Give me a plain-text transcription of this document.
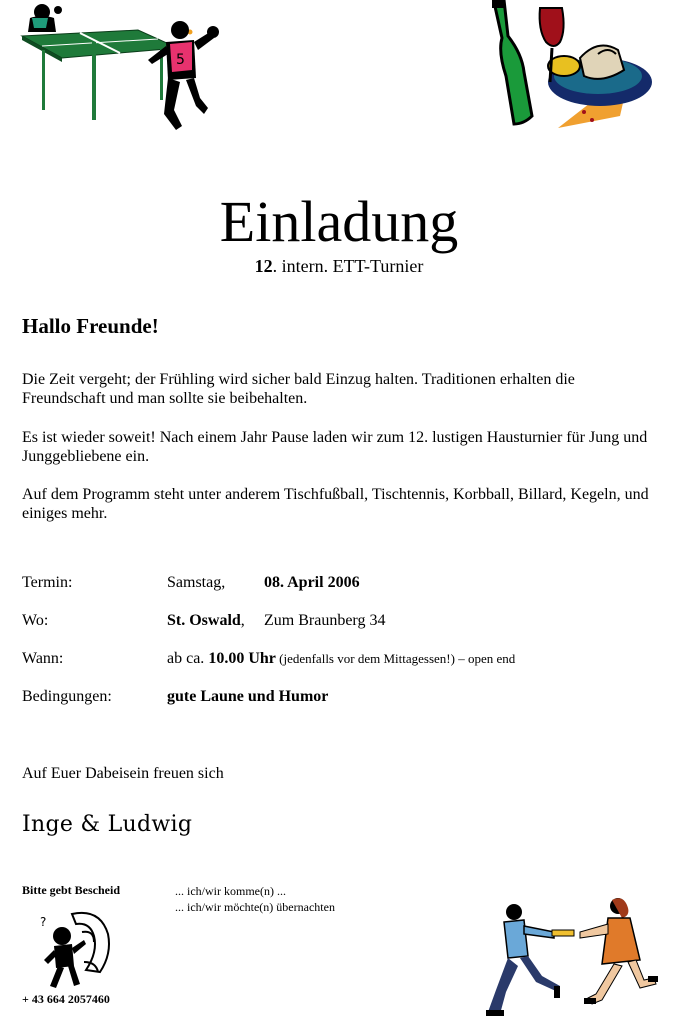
5
Einladung
12. intern. ETT-Turnier
Hallo Freunde!
Die Zeit vergeht; der Frühling wird sicher bald Einzug halten. Traditionen erhalten die Freundschaft und man sollte sie beibehalten.
Es ist wieder soweit! Nach einem Jahr Pause laden wir zum 12. lustigen Hausturnier für Jung und Junggebliebene ein.
Auf dem Programm steht unter anderem Tischfußball, Tischtennis, Korbball, Billard, Kegeln, und einiges mehr.
Termin:	Samstag, 08. April 2006
Wo:	St. Oswald, Zum Braunberg 34
Wann:	ab ca. 10.00 Uhr (jedenfalls vor dem Mittagessen!) – open end
Bedingungen:	gute Laune und Humor
Auf Euer Dabeisein freuen sich
Inge & Ludwig
Bitte gebt Bescheid	... ich/wir komme(n) ...
... ich/wir möchte(n) übernachten
+ 43 664 2057460
?
